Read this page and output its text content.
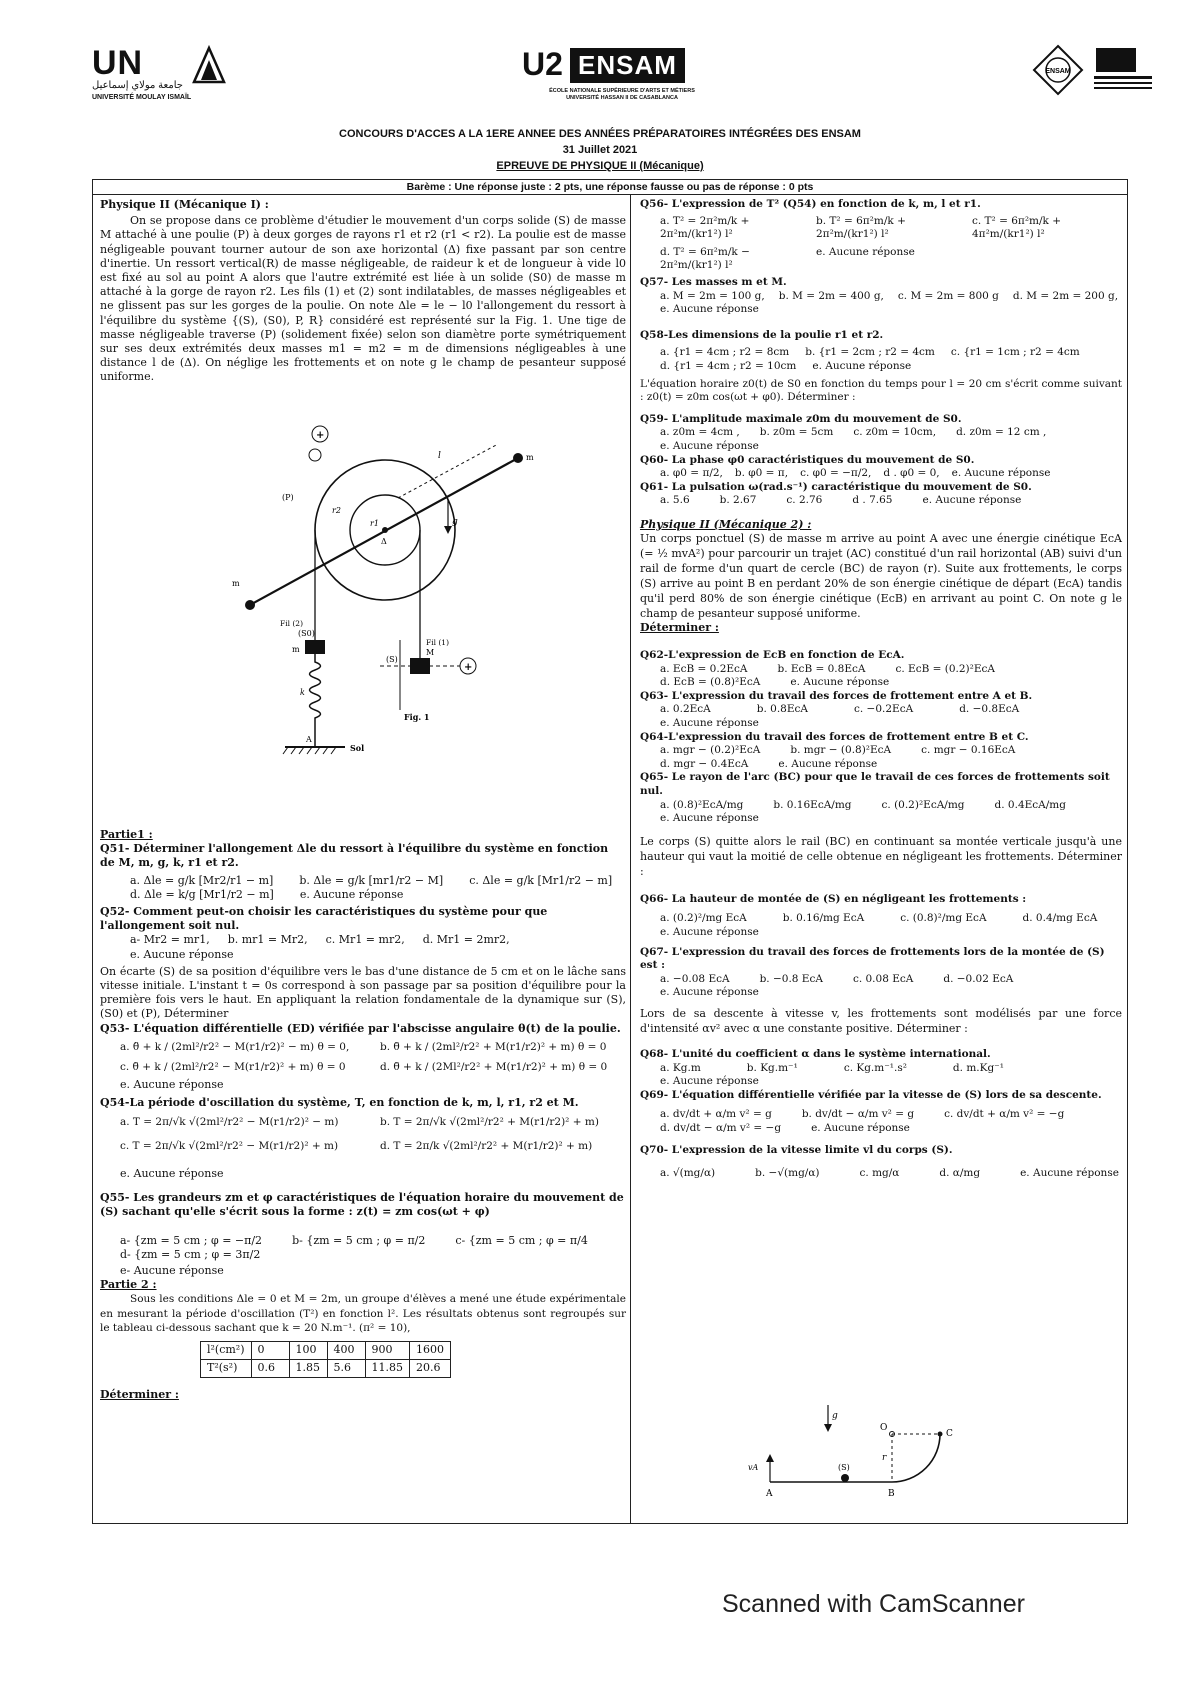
UN
جامعة مولاي إسماعيل
UNIVERSITÉ MOULAY ISMAÏL
U2 ENSAM
ÉCOLE NATIONALE SUPÉRIEURE D'ARTS ET MÉTIERS
UNIVERSITÉ HASSAN II DE CASABLANCA
ENSAM
CONCOURS D'ACCES A LA 1ERE ANNEE DES ANNÉES PRÉPARATOIRES INTÉGRÉES DES ENSAM
31 Juillet 2021
EPREUVE DE PHYSIQUE II (Mécanique)
Barème : Une réponse juste : 2 pts, une réponse fausse ou pas de réponse : 0 pts
Physique II (Mécanique I) :
On se propose dans ce problème d'étudier le mouvement d'un corps solide (S) de masse M attaché à une poulie (P) à deux gorges de rayons r1 et r2 (r1 < r2). La poulie est de masse négligeable pouvant tourner autour de son axe horizontal (Δ) fixe passant par son centre d'inertie. Un ressort vertical(R) de masse négligeable, de raideur k et de longueur à vide l0 est fixé au sol au point A alors que l'autre extrémité est liée à un solide (S0) de masse m attaché à la gorge de rayon r2. Les fils (1) et (2) sont indilatables, de masses négligeables et ne glissent pas sur les gorges de la poulie. On note Δle = le − l0 l'allongement du ressort à l'équilibre du système {(S), (S0), P, R} considéré est représenté sur la Fig. 1. Une tige de masse négligeable traverse (P) (solidement fixée) selon son diamètre porte symétriquement sur ses deux extrémités deux masses m1 = m2 = m de dimensions négligeables à une distance l de (Δ). On néglige les frottements et on note g le champ de pesanteur supposé uniforme.
+
+
(P)
r2
r1
Δ
l
m
m
g
Fil (2)
Fil (1)
(S0)
m
(S)
M
k
A
Sol
Fig. 1
Partie1 :
Q51- Déterminer l'allongement Δle du ressort à l'équilibre du système en fonction de M, m, g, k, r1 et r2.
a. Δle = g/k [Mr2/r1 − m] b. Δle = g/k [mr1/r2 − M] c. Δle = g/k [Mr1/r2 − m]
d. Δle = k/g [Mr1/r2 − m] e. Aucune réponse
Q52- Comment peut-on choisir les caractéristiques du système pour que l'allongement soit nul.
a- Mr2 = mr1, b. mr1 = Mr2, c. Mr1 = mr2, d. Mr1 = 2mr2,
e. Aucune réponse
On écarte (S) de sa position d'équilibre vers le bas d'une distance de 5 cm et on le lâche sans vitesse initiale. L'instant t = 0s correspond à son passage par sa position d'équilibre pour la première fois vers le haut. En appliquant la relation fondamentale de la dynamique sur (S), (S0) et (P), Déterminer
Q53- L'équation différentielle (ED) vérifiée par l'abscisse angulaire θ(t) de la poulie.
a. θ̈ + k / (2ml²/r2² − M(r1/r2)² − m) θ = 0,	b. θ̈ + k / (2ml²/r2² + M(r1/r2)² + m) θ = 0
c. θ̈ + k / (2ml²/r2² − M(r1/r2)² + m) θ = 0	d. θ̈ + k / (2Ml²/r2² + M(r1/r2)² + m) θ = 0
e. Aucune réponse
Q54-La période d'oscillation du système, T, en fonction de k, m, l, r1, r2 et M.
a. T = 2π/√k √(2ml²/r2² − M(r1/r2)² − m)	b. T = 2π/√k √(2ml²/r2² + M(r1/r2)² + m)
c. T = 2π/√k √(2ml²/r2² − M(r1/r2)² + m)	d. T = 2π/k √(2ml²/r2² + M(r1/r2)² + m)
e. Aucune réponse
Q55- Les grandeurs zm et φ caractéristiques de l'équation horaire du mouvement de (S) sachant qu'elle s'écrit sous la forme : z(t) = zm cos(ωt + φ)
a- {zm = 5 cm ; φ = −π/2	b- {zm = 5 cm ; φ = π/2	c- {zm = 5 cm ; φ = π/4
d- {zm = 5 cm ; φ = 3π/2
e- Aucune réponse
Partie 2 :
Sous les conditions Δle = 0 et M = 2m, un groupe d'élèves a mené une étude expérimentale en mesurant la période d'oscillation (T²) en fonction l². Les résultats obtenus sont regroupés sur le tableau ci-dessous sachant que k = 20 N.m⁻¹. (π² = 10),
l²(cm²)	0	100	400	900	1600
T²(s²)	0.6	1.85	5.6	11.85	20.6
Déterminer :
Q56- L'expression de T² (Q54) en fonction de k, m, l et r1.
a. T² = 2π²m/k + 2π²m/(kr1²) l²
b. T² = 6π²m/k + 2π²m/(kr1²) l²
c. T² = 6π²m/k + 4π²m/(kr1²) l²
d. T² = 6π²m/k − 2π²m/(kr1²) l²
e. Aucune réponse
Q57- Les masses m et M.
a. M = 2m = 100 g, b. M = 2m = 400 g, c. M = 2m = 800 g d. M = 2m = 200 g,
e. Aucune réponse
Q58-Les dimensions de la poulie r1 et r2.
a. {r1 = 4cm ; r2 = 8cm b. {r1 = 2cm ; r2 = 4cm c. {r1 = 1cm ; r2 = 4cm
d. {r1 = 4cm ; r2 = 10cm e. Aucune réponse
L'équation horaire z0(t) de S0 en fonction du temps pour l = 20 cm s'écrit comme suivant : z0(t) = z0m cos(ωt + φ0). Déterminer :
Q59- L'amplitude maximale z0m du mouvement de S0.
a. z0m = 4cm , b. z0m = 5cm c. z0m = 10cm, d. z0m = 12 cm ,
e. Aucune réponse
Q60- La phase φ0 caractéristiques du mouvement de S0.
a. φ0 = π/2, b. φ0 = π, c. φ0 = −π/2, d . φ0 = 0, e. Aucune réponse
Q61- La pulsation ω(rad.s⁻¹) caractéristique du mouvement de S0.
a. 5.6	b. 2.67	c. 2.76	d . 7.65	e. Aucune réponse
Physique II (Mécanique 2) :
Un corps ponctuel (S) de masse m arrive au point A avec une énergie cinétique EcA (= ½ mvA²) pour parcourir un trajet (AC) constitué d'un rail horizontal (AB) suivi d'un rail de forme d'un quart de cercle (BC) de rayon (r). Suite aux frottements, le corps (S) arrive au point B en perdant 20% de son énergie cinétique de départ (EcA) tandis qu'il perd 80% de son énergie cinétique (EcB) en arrivant au point C. On note g le champ de pesanteur supposé uniforme.
Déterminer :
Q62-L'expression de EcB en fonction de EcA.
a. EcB = 0.2EcA	b. EcB = 0.8EcA	c. EcB = (0.2)²EcA
d. EcB = (0.8)²EcA	e. Aucune réponse
Q63- L'expression du travail des forces de frottement entre A et B.
a. 0.2EcA	b. 0.8EcA	c. −0.2EcA	d. −0.8EcA
e. Aucune réponse
Q64-L'expression du travail des forces de frottement entre B et C.
a. mgr − (0.2)²EcA	b. mgr − (0.8)²EcA	c. mgr − 0.16EcA
d. mgr − 0.4EcA	e. Aucune réponse
Q65- Le rayon de l'arc (BC) pour que le travail de ces forces de frottements soit nul.
a. (0.8)²EcA/mg	b. 0.16EcA/mg	c. (0.2)²EcA/mg	d. 0.4EcA/mg
e. Aucune réponse
Le corps (S) quitte alors le rail (BC) en continuant sa montée verticale jusqu'à une hauteur qui vaut la moitié de celle obtenue en négligeant les frottements. Déterminer :
Q66- La hauteur de montée de (S) en négligeant les frottements :
a. (0.2)²/mg EcA	b. 0.16/mg EcA	c. (0.8)²/mg EcA	d. 0.4/mg EcA
e. Aucune réponse
Q67- L'expression du travail des forces de frottements lors de la montée de (S) est :
a. −0.08 EcA	b. −0.8 EcA	c. 0.08 EcA	d. −0.02 EcA
e. Aucune réponse
Lors de sa descente à vitesse v, les frottements sont modélisés par une force d'intensité αv² avec α une constante positive. Déterminer :
Q68- L'unité du coefficient α dans le système international.
a. Kg.m	b. Kg.m⁻¹	c. Kg.m⁻¹.s²	d. m.Kg⁻¹
e. Aucune réponse
Q69- L'équation différentielle vérifiée par la vitesse de (S) lors de sa descente.
a. dv/dt + α/m v² = g	b. dv/dt − α/m v² = g	c. dv/dt + α/m v² = −g
d. dv/dt − α/m v² = −g	e. Aucune réponse
Q70- L'expression de la vitesse limite vl du corps (S).
a. √(mg/α)	b. −√(mg/α)	c. mg/α	d. α/mg	e. Aucune réponse
g
O
C
r
vA	(S)
A	B
Scanned with CamScanner
